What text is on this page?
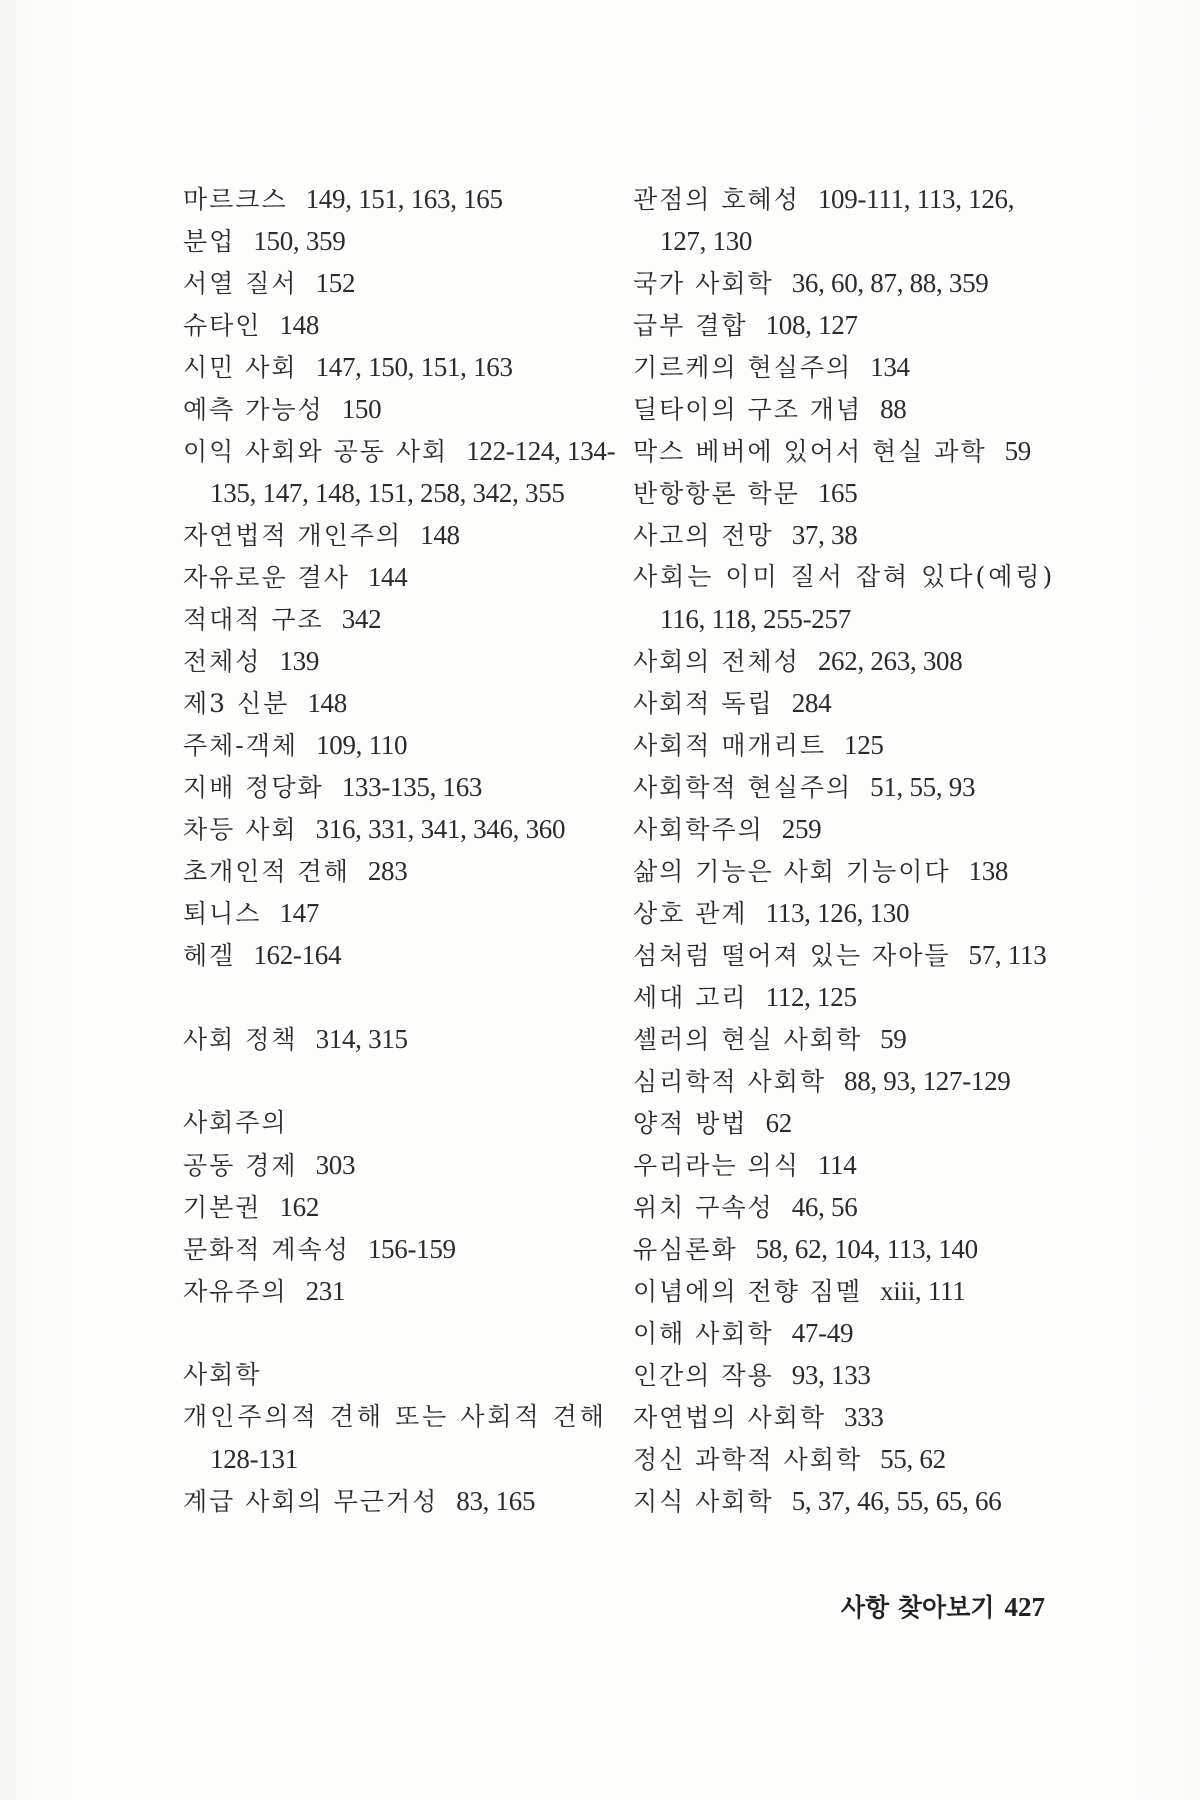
마르크스 149, 151, 163, 165
분업 150, 359
서열 질서 152
슈타인 148
시민 사회 147, 150, 151, 163
예측 가능성 150
이익 사회와 공동 사회 122-124, 134-
135, 147, 148, 151, 258, 342, 355
자연법적 개인주의 148
자유로운 결사 144
적대적 구조 342
전체성 139
제3 신분 148
주체-객체 109, 110
지배 정당화 133-135, 163
차등 사회 316, 331, 341, 346, 360
초개인적 견해 283
퇴니스 147
헤겔 162-164
사회 정책 314, 315
사회주의
공동 경제 303
기본권 162
문화적 계속성 156-159
자유주의 231
사회학
개인주의적 견해 또는 사회적 견해
128-131
계급 사회의 무근거성 83, 165
관점의 호혜성 109-111, 113, 126,
127, 130
국가 사회학 36, 60, 87, 88, 359
급부 결합 108, 127
기르케의 현실주의 134
딜타이의 구조 개념 88
막스 베버에 있어서 현실 과학 59
반항항론 학문 165
사고의 전망 37, 38
사회는 이미 질서 잡혀 있다(예링)
116, 118, 255-257
사회의 전체성 262, 263, 308
사회적 독립 284
사회적 매개리트 125
사회학적 현실주의 51, 55, 93
사회학주의 259
삶의 기능은 사회 기능이다 138
상호 관계 113, 126, 130
섬처럼 떨어져 있는 자아들 57, 113
세대 고리 112, 125
셸러의 현실 사회학 59
심리학적 사회학 88, 93, 127-129
양적 방법 62
우리라는 의식 114
위치 구속성 46, 56
유심론화 58, 62, 104, 113, 140
이념에의 전향 짐멜 xiii, 111
이해 사회학 47-49
인간의 작용 93, 133
자연법의 사회학 333
정신 과학적 사회학 55, 62
지식 사회학 5, 37, 46, 55, 65, 66
사항 찾아보기 427
